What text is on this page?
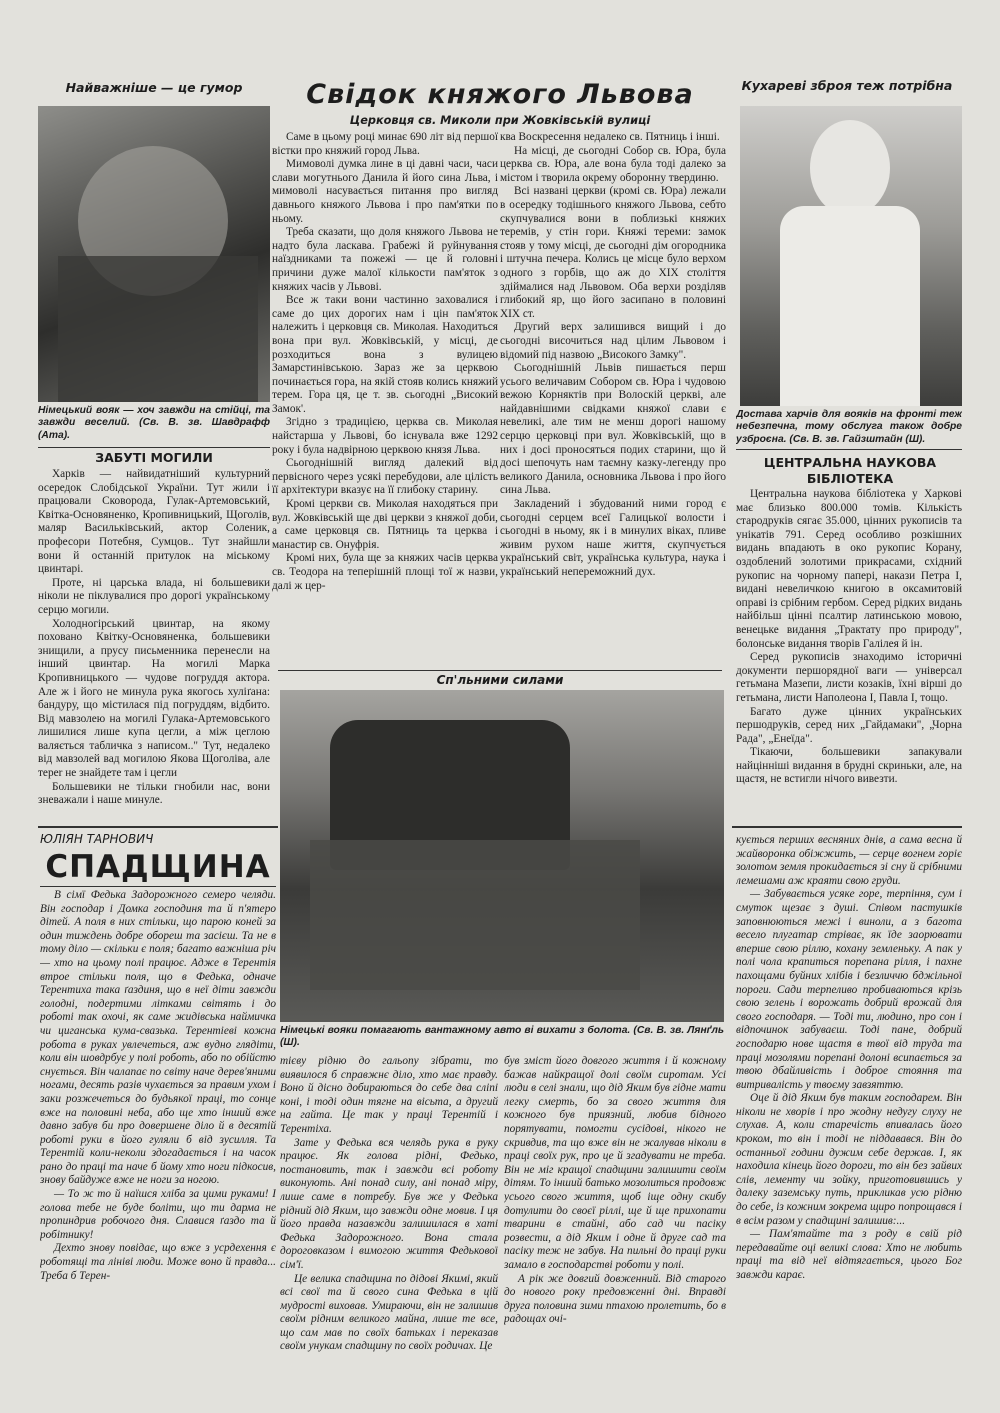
Найважніше — це гумор
Німецький вояк — хоч завжди на стійці, та завжди веселий. (Св. В. зв. Шавдрафф (Ата).
ЗАБУТІ МОГИЛИ

Харків — найвидатніший культурний осередок Слобідської України. Тут жили і працювали Сковорода, Гулак-Артемовський, Квітка-Основяненко, Кропивницький, Щоголів, маляр Васильківський, актор Соленик, професори Потебня, Сумцов.. Тут знайшли вони й останній притулок на міському цвинтарі.

Проте, ні царська влада, ні большевики ніколи не піклувалися про дорогі українському серцю могили.

Холодногірський цвинтар, на якому поховано Квітку-Основяненка, большевики знищили, а прусу письменника перенесли на інший цвинтар. На могилі Марка Кропивницького — чудове погруддя актора. Але ж і його не минула рука якогось хуліґана: бандуру, що містилася під погруддям, відбито. Від мавзолею на могилі Гулака-Артемовського лишилися лише купа цегли, а між цеглою валяється табличка з написом.." Тут, недалеко від мавзолей вад могилою Якова Щоголіва, але теper не знайдете там і цегли

Большевики не тільки гнобили нас, вони зневажали і наше минуле.

Свідок княжого Львова
Церковця св. Миколи при Жовківській вулиці

Саме в цьому році минає 690 літ від першої вістки про княжий город Льва.

Мимоволі думка лине в ці давні часи, часи слави могутнього Данила й його сина Льва, і мимоволі насувається питання про вигляд давнього княжого Львова і про пам'ятки по ньому.

Треба сказати, що доля княжого Львова не надто була ласкава. Грабежі й руйнування наїздниками та пожежі — це й головні причини дуже малої кількости пам'яток з княжих часів у Львові.

Все ж таки вони частинно заховалися і саме до цих дорогих нам і цін пам'яток належить і церковця св. Миколая. Находиться вона при вул. Жовківській, у місці, де розходиться вона з вулицею Замарстинівською. Зараз же за церквою починається гора, на якій стояв колись княжий терем. Гора ця, це т. зв. сьогодні „Високий Замок'.

Згідно з традицією, церква св. Миколая найстарша у Львові, бо існувала вже 1292 року і була надвірною церквою князя Льва.

Сьогоднішній вигляд далекий від первісного через усякі перебудови, але цілість її архітектури вказує на її глибоку старину.

Кромі церкви св. Миколая находяться при вул. Жовківській ще дві церкви з княжої доби, а саме церковця св. Пятниць та церква і манастир св. Онуфрія.

Кромі них, була ще за княжих часів церква св. Теодора на теперішній площі тої ж назви, далі ж цер-

ква Воскресення недалеко св. Пятниць і інші.

На місці, де сьогодні Собор св. Юра, була церква св. Юра, але вона була тоді далеко за містом і творила окрему оборонну твердиню.

Всі названі церкви (кромі св. Юра) лежали в осередку тодішнього княжого Львова, себто скупчувалися вони в поблизькі княжих теремів, у стін гори. Княжі тереми: замок стояв у тому місці, де сьогодні дім огородника і штучна печера. Колись це місце було верхом одного з горбів, що аж до XIX століття здіймалися над Львовом. Оба верхи розділяв глибокий яр, що його засипано в половині XIX ст.

Другий верх залишився вищий і до сьогодні височиться над цілим Львовом і відомий під назвою „Високого Замку".

Сьогоднішній Львів пишається перш усього величавим Собором св. Юра і чудовою вежою Корняктів при Волоскій церкві, але найдавнішими свідками княжої слави є невеликі, але тим не менш дорогі нашому серцю церковці при вул. Жовківській, що в них і досі проносяться подих старини, що й досі шепочуть нам таємну казку-легенду про великого Данила, основника Львова і про його сина Льва.

Закладений і збудований ними город є сьогодні серцем всеї Галицької волости і сьогодні в ньому, як і в минулих віках, пливе живим рухом наше життя, скупчується український світ, українська культура, наука і український непереможний дух.

Сп'льними силами
Німецькі вояки помагають вантажному авто ві вихати з болота. (Св. В. зв. Лянґль (Ш).
Кухареві зброя теж потрібна
Достава харчів для вояків на фронті теж небезпечна, тому обслуга також добре узброєна. (Св. В. зв. Гайзштайн (Ш).
ЦЕНТРАЛЬНА НАУКОВА БІБЛІОТЕКА

Центральна наукова бібліотека у Харкові має близько 800.000 томів. Кількість стародруків сягає 35.000, цінних рукописів та унікатів 791. Серед особливо розкішних видань впадають в око рукопис Корану, оздоблений золотими прикрасами, східний рукопис на чорному папері, накази Петра І, видані невеличкою книгою в оксамитовій оправі із срібним гербом. Серед рідких видань найбільш цінні псалтир латинською мовою, венецьке видання „Трактату про природу", болонське видання творів Галілея й ін.

Серед рукописів знаходимо історичні документи першорядної ваги — універсал гетьмана Мазепи, листи козаків, їхні вірші до гетьмана, листи Наполеона І, Павла І, тощо.

Багато дуже цінних українських першодруків, серед них „Гайдамаки", „Чорна Рада", „Енеїда".

Тікаючи, большевики запакували найцінніші видання в брудні скриньки, але, на щастя, не встигли нічого вивезти.

ЮЛІЯН ТАРНОВИЧ
СПАДЩИНА

В сімї Федька Задорожного семеро челяди. Він господар і Домка господиня та й п'ятеро дітей. А поля в них стільки, що парою коней за один тиждень добре обореш та засієш. Та не в тому діло — скільки є поля; багато важніша річ — хто на цьому полі працює. Адже в Терентія втрое стільки поля, що в Федька, одначе Терентиха така ґаздиня, що в неї діти завжди голодні, подертими літками світять і до роботі так охочі, як саме жидівська наймичка чи циганська кума-свазька. Терентіеві кожна робота в руках увлечеться, аж вудно глядіти, коли він шовдрбує у полі роботь, або по обійстю снується. Він чалапає по світу наче дерев'яними ногами, десять разів чухається за правим ухом і заки розжечеться до будьякої праці, то сонце вже на половині неба, або ще хто інший вже давно забув би про довершене діло й в десятій роботі руки в його гуляли б від зусилля. Та Терентій коли-неколи здогадається і на часок рано до праці та наче б йому хто ноги підкосив, знову байдуже вже не ноги за ногою.

— То ж то й наїшся хліба за цими руками! І голова тебе не буде боліти, що ти дарма не пропиндрив робочого дня. Славися ґаздо та й робітнику!

Дехто знову повідає, що вже з усрдехення є роботящі та лініві люди. Може воно й правда... Треба б Терен-

тієву рідню до гальопу зібрати, то виявилося б справжнє діло, хто має правду. Воно й дісно добираються до себе два сліпі коні, і тоді один тягне на вісьта, а другий на гайта. Це так у праці Терентій і Терентіха.

Зате у Федька вся челядь рука в руку працює. Як голова рідні, Федько, постановить, так і завжди всі роботу виконують. Ані понад силу, ані понад міру, лише саме в потребу. Був же у Федька рідний дід Яким, що завжди одне мовив. І ця його правда назавжди залишилася в хаті Федька Задорожного. Вона стала дороговказом і вимогою життя Федькової сім'ї.

Це велика спадщина по дідові Якимі, який всі свої та й свого сина Федька в цій мудрості виховав. Умираючи, він не залишив своїм рідним великого майна, лише те все, що сам мав по своїх батьках і переказав своїм унукам спадщину по своїх родичах. Це

був зміст його довгого життя і й кожному бажав найкращої долі своїм сиротам. Усі люди в селі знали, що дід Яким був гідне мати легку смерть, бо за свого життя для кожного був приязний, любив бідного порятувати, помогти сусідові, нікого не скривдив, та що вже він не жалував ніколи в праці своїх рук, про це й згадувати не треба. Він не міг кращої спадщини залишити своїм дітям. То інший батько мозолиться продовж усього свого життя, щоб іще одну скибу дотулити до своєї ріллі, ще й ще прихопати тварини в стайні, або сад чи пасіку розвести, а дід Яким і одне й друге сад та пасіку теж не забув. На пильні до праці руки замало в господарстві роботи у полі.

А рік же довгий довженний. Від старого до нового року предовженні дні. Вправді друга половина зими птахою пролетить, бо в радощах очі-

кується перших весняних днів, а сама весна й жайворонка обіжжить, — серце вогнем горіє золотом земля прокидається зі сну й срібними лемешами аж краяти свою груди.

— Забувається усяке горе, терпіння, сум і смуток щезає з душі. Співом пастушків заповнюються межі і виноли, а з багота весело плугатар стріває, як їде заорювати вперше свою ріллю, кохану земленьку. А пак у полі чола крапиться порепана рілля, і пахне пахощами буйних хлібів і безличчю бджільної пороги. Сади терпеливо пробиваються крізь свою зелень і ворожать добрий врожай для свого господаря. — Тоді ти, людино, про сон і відпочинок забуваєш. Тоді пане, добрий господарю нове щастя в твої від труда та праці мозолями порепані долоні всипається за твою дбайливість і доброе стояння та витривалість у твоєму завзяттю.

Оце й дід Яким був таким господарем. Він ніколи не хворів і про жодну недугу слуху не слухав. А, коли старечість впивалась його кроком, то він і тоді не піддавався. Він до останньої години дужим себе держав. І, як находила кінець його дороги, то він без зайвих слів, лементу чи зойку, приготовившись у далеку заземську путь, прикликав усю рідню до себе, із кожним зокрема щиро попрощався і в всім разом у спадщині залишив:...

— Пам'ятайте та з роду в свій рід передавайте оці великі слова: Хто не любить праці та від неї відтягається, цього Бог завжди карає.
